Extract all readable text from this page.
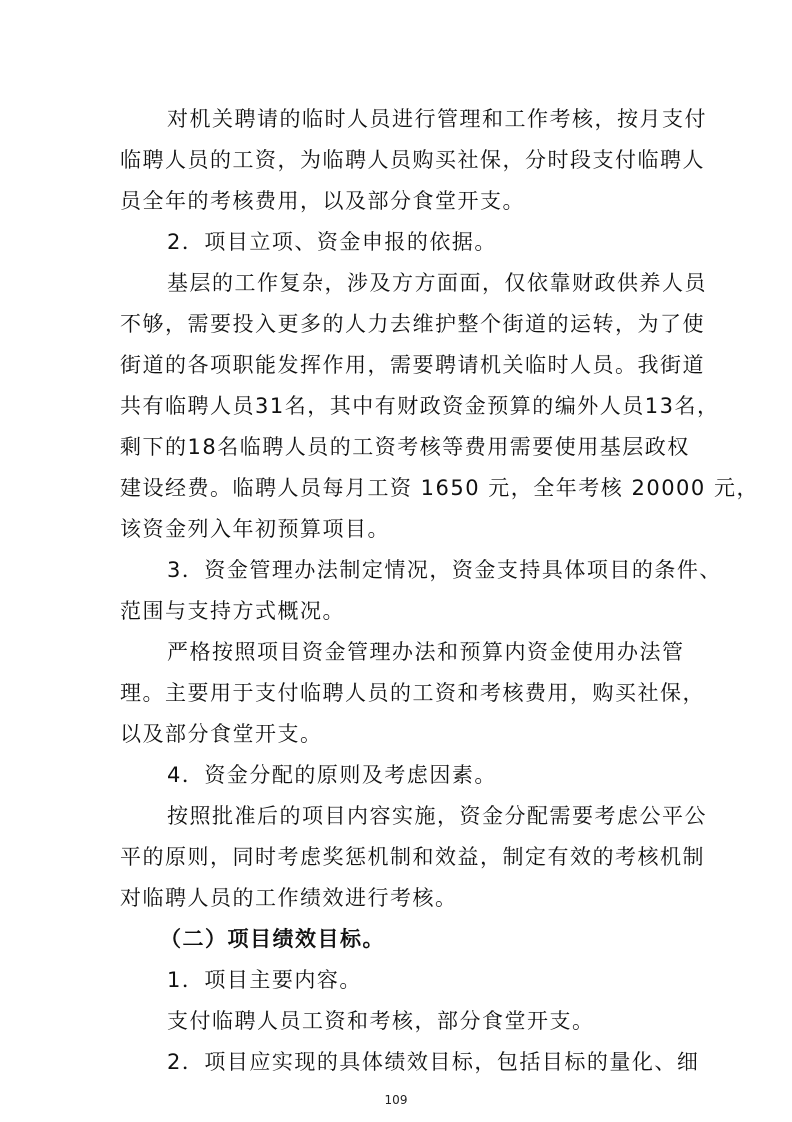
对机关聘请的临时人员进行管理和工作考核，按月支付
临聘人员的工资，为临聘人员购买社保，分时段支付临聘人
员全年的考核费用，以及部分食堂开支。
2．项目立项、资金申报的依据。
基层的工作复杂，涉及方方面面，仅依靠财政供养人员
不够，需要投入更多的人力去维护整个街道的运转，为了使
街道的各项职能发挥作用，需要聘请机关临时人员。我街道
共有临聘人员31名，其中有财政资金预算的编外人员13名，
剩下的18名临聘人员的工资考核等费用需要使用基层政权
建设经费。临聘人员每月工资 1650 元，全年考核 20000 元，
该资金列入年初预算项目。
3．资金管理办法制定情况，资金支持具体项目的条件、
范围与支持方式概况。
严格按照项目资金管理办法和预算内资金使用办法管
理。主要用于支付临聘人员的工资和考核费用，购买社保，
以及部分食堂开支。
4．资金分配的原则及考虑因素。
按照批准后的项目内容实施，资金分配需要考虑公平公
平的原则，同时考虑奖惩机制和效益，制定有效的考核机制
对临聘人员的工作绩效进行考核。
（二）项目绩效目标。
1．项目主要内容。
支付临聘人员工资和考核，部分食堂开支。
2．项目应实现的具体绩效目标，包括目标的量化、细
109
